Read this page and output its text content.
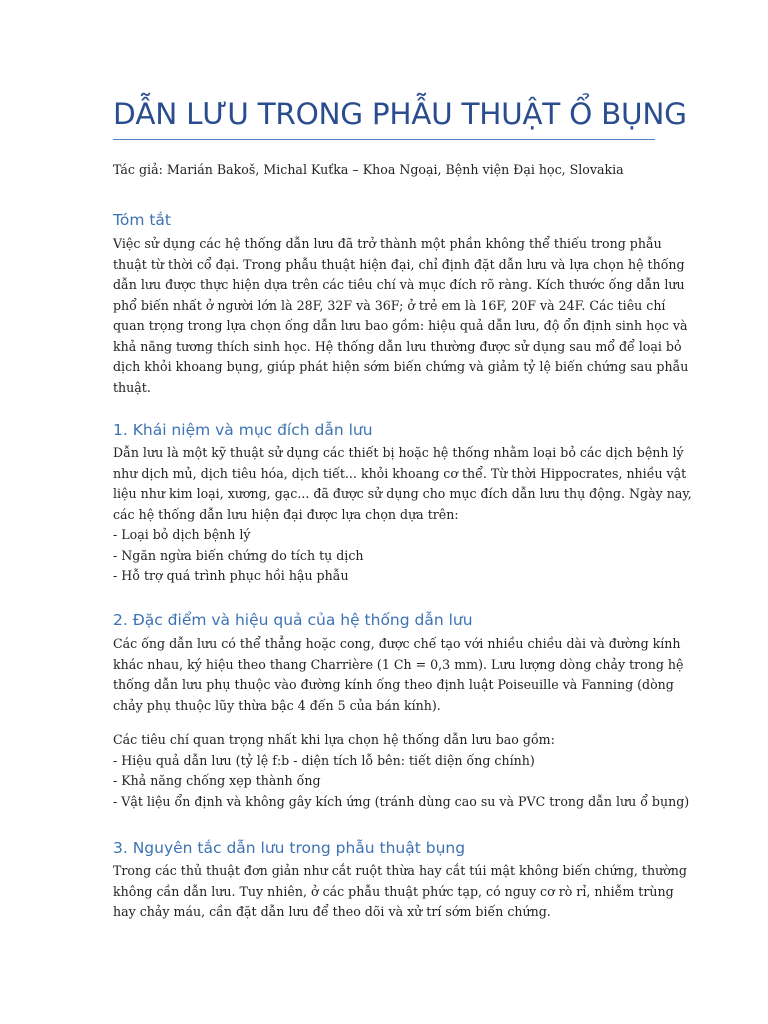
DẪN LƯU TRONG PHẪU THUẬT Ổ BỤNG
Tác giả: Marián Bakoš, Michal Kuťka – Khoa Ngoại, Bệnh viện Đại học, Slovakia
Tóm tắt
Việc sử dụng các hệ thống dẫn lưu đã trở thành một phần không thể thiếu trong phẫu
thuật từ thời cổ đại. Trong phẫu thuật hiện đại, chỉ định đặt dẫn lưu và lựa chọn hệ thống
dẫn lưu được thực hiện dựa trên các tiêu chí và mục đích rõ ràng. Kích thước ống dẫn lưu
phổ biến nhất ở người lớn là 28F, 32F và 36F; ở trẻ em là 16F, 20F và 24F. Các tiêu chí
quan trọng trong lựa chọn ống dẫn lưu bao gồm: hiệu quả dẫn lưu, độ ổn định sinh học và
khả năng tương thích sinh học. Hệ thống dẫn lưu thường được sử dụng sau mổ để loại bỏ
dịch khỏi khoang bụng, giúp phát hiện sớm biến chứng và giảm tỷ lệ biến chứng sau phẫu
thuật.
1. Khái niệm và mục đích dẫn lưu
Dẫn lưu là một kỹ thuật sử dụng các thiết bị hoặc hệ thống nhằm loại bỏ các dịch bệnh lý
như dịch mủ, dịch tiêu hóa, dịch tiết... khỏi khoang cơ thể. Từ thời Hippocrates, nhiều vật
liệu như kim loại, xương, gạc... đã được sử dụng cho mục đích dẫn lưu thụ động. Ngày nay,
các hệ thống dẫn lưu hiện đại được lựa chọn dựa trên:
- Loại bỏ dịch bệnh lý
- Ngăn ngừa biến chứng do tích tụ dịch
- Hỗ trợ quá trình phục hồi hậu phẫu
2. Đặc điểm và hiệu quả của hệ thống dẫn lưu
Các ống dẫn lưu có thể thẳng hoặc cong, được chế tạo với nhiều chiều dài và đường kính
khác nhau, ký hiệu theo thang Charrière (1 Ch = 0,3 mm). Lưu lượng dòng chảy trong hệ
thống dẫn lưu phụ thuộc vào đường kính ống theo định luật Poiseuille và Fanning (dòng
chảy phụ thuộc lũy thừa bậc 4 đến 5 của bán kính).
Các tiêu chí quan trọng nhất khi lựa chọn hệ thống dẫn lưu bao gồm:
- Hiệu quả dẫn lưu (tỷ lệ f:b - diện tích lỗ bên: tiết diện ống chính)
- Khả năng chống xẹp thành ống
- Vật liệu ổn định và không gây kích ứng (tránh dùng cao su và PVC trong dẫn lưu ổ bụng)
3. Nguyên tắc dẫn lưu trong phẫu thuật bụng
Trong các thủ thuật đơn giản như cắt ruột thừa hay cắt túi mật không biến chứng, thường
không cần dẫn lưu. Tuy nhiên, ở các phẫu thuật phức tạp, có nguy cơ rò rỉ, nhiễm trùng
hay chảy máu, cần đặt dẫn lưu để theo dõi và xử trí sớm biến chứng.
